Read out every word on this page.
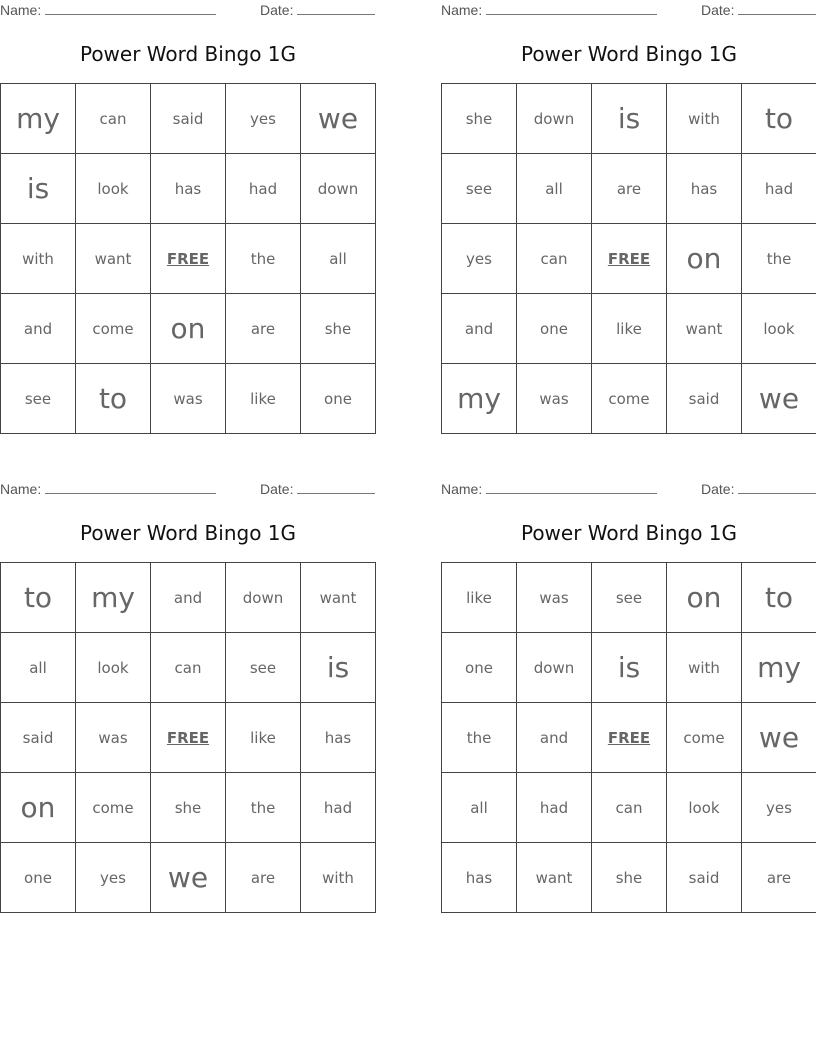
Name:	Date:
Power Word Bingo 1G
my	can	said	yes	we
is	look	has	had	down
with	want	FREE	the	all
and	come	on	are	she
see	to	was	like	one
Name:	Date:
Power Word Bingo 1G
she	down	is	with	to
see	all	are	has	had
yes	can	FREE	on	the
and	one	like	want	look
my	was	come	said	we
Name:	Date:
Power Word Bingo 1G
to	my	and	down	want
all	look	can	see	is
said	was	FREE	like	has
on	come	she	the	had
one	yes	we	are	with
Name:	Date:
Power Word Bingo 1G
like	was	see	on	to
one	down	is	with	my
the	and	FREE	come	we
all	had	can	look	yes
has	want	she	said	are
